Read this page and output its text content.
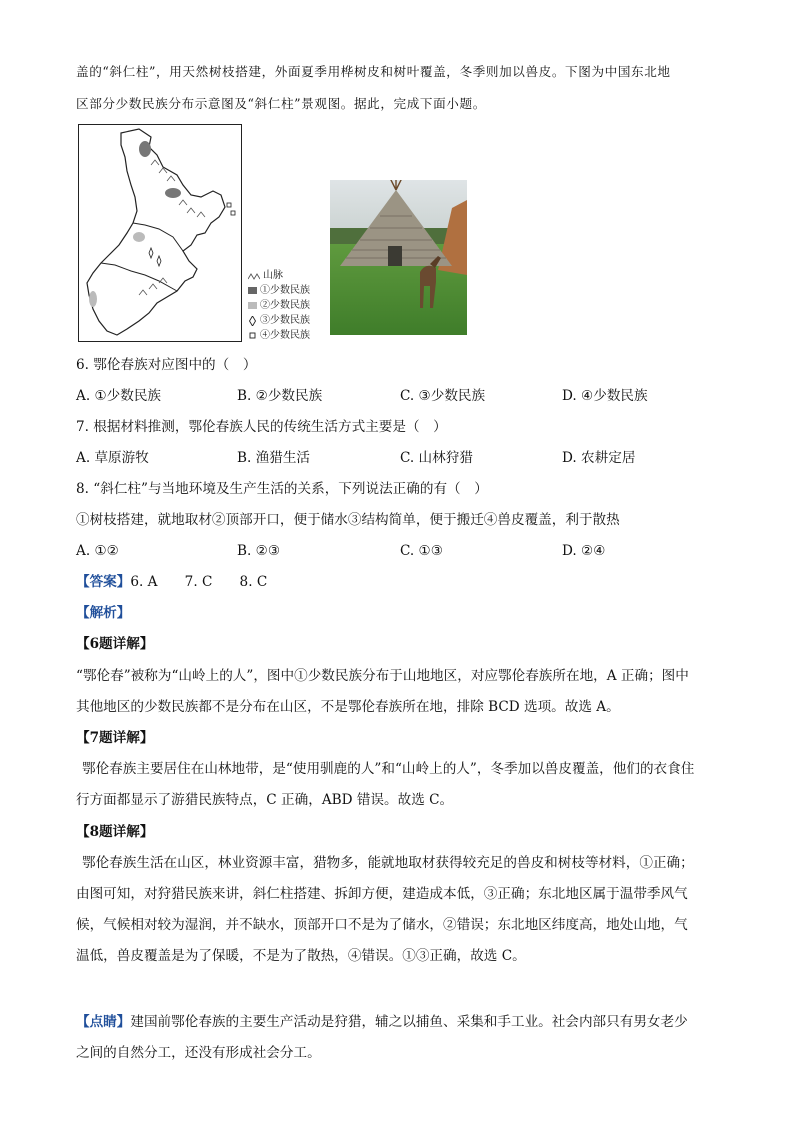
盖的“斜仁柱”，用天然树枝搭建，外面夏季用桦树皮和树叶覆盖，冬季则加以兽皮。下图为中国东北地
区部分少数民族分布示意图及“斜仁柱”景观图。据此，完成下面小题。
山脉
①少数民族
②少数民族
③少数民族
④少数民族
6. 鄂伦春族对应图中的（　）
A. ①少数民族	B. ②少数民族	C. ③少数民族	D. ④少数民族
7. 根据材料推测，鄂伦春族人民的传统生活方式主要是（　）
A. 草原游牧	B. 渔猎生活	C. 山林狩猎	D. 农耕定居
8. “斜仁柱”与当地环境及生产生活的关系，下列说法正确的有（　）
①树枝搭建，就地取材②顶部开口，便于储水③结构简单，便于搬迁④兽皮覆盖，利于散热
A. ①②	B. ②③	C. ①③	D. ②④
【答案】6. A　　7. C　　8. C
【解析】
【6题详解】
“鄂伦春”被称为“山岭上的人”，图中①少数民族分布于山地地区，对应鄂伦春族所在地，A 正确；图中
其他地区的少数民族都不是分布在山区，不是鄂伦春族所在地，排除 BCD 选项。故选 A。
【7题详解】
鄂伦春族主要居住在山林地带，是“使用驯鹿的人”和“山岭上的人”，冬季加以兽皮覆盖，他们的衣食住
行方面都显示了游猎民族特点，C 正确，ABD 错误。故选 C。
【8题详解】
鄂伦春族生活在山区，林业资源丰富，猎物多，能就地取材获得较充足的兽皮和树枝等材料，①正确；
由图可知，对狩猎民族来讲，斜仁柱搭建、拆卸方便，建造成本低，③正确；东北地区属于温带季风气
候，气候相对较为湿润，并不缺水，顶部开口不是为了储水，②错误；东北地区纬度高，地处山地，气
温低，兽皮覆盖是为了保暖，不是为了散热，④错误。①③正确，故选 C。
【点睛】建国前鄂伦春族的主要生产活动是狩猎，辅之以捕鱼、采集和手工业。社会内部只有男女老少
之间的自然分工，还没有形成社会分工。
